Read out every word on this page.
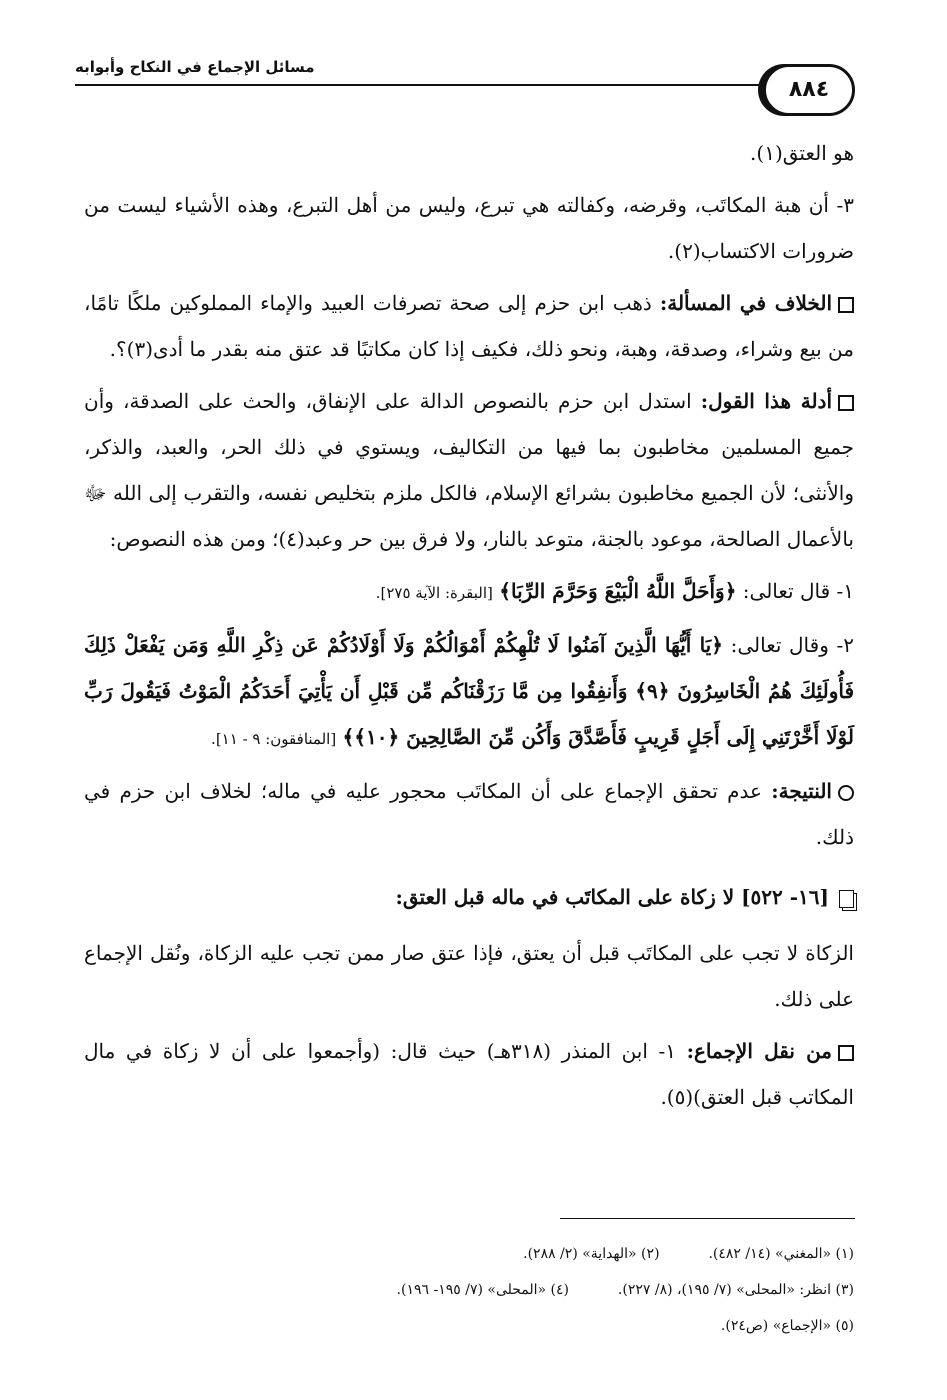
مسائل الإجماع في النكاح وأبوابه
٨٨٤

هو العتق(١).

٣- أن هبة المكاتَب، وقرضه، وكفالته هي تبرع، وليس من أهل التبرع، وهذه الأشياء ليست من ضرورات الاكتساب(٢).

الخلاف في المسألة: ذهب ابن حزم إلى صحة تصرفات العبيد والإماء المملوكين ملكًا تامًا، من بيع وشراء، وصدقة، وهبة، ونحو ذلك، فكيف إذا كان مكاتبًا قد عتق منه بقدر ما أدى(٣)؟.

أدلة هذا القول: استدل ابن حزم بالنصوص الدالة على الإنفاق، والحث على الصدقة، وأن جميع المسلمين مخاطبون بما فيها من التكاليف، ويستوي في ذلك الحر، والعبد، والذكر، والأنثى؛ لأن الجميع مخاطبون بشرائع الإسلام، فالكل ملزم بتخليص نفسه، والتقرب إلى الله ﷻ بالأعمال الصالحة، موعود بالجنة، متوعد بالنار، ولا فرق بين حر وعبد(٤)؛ ومن هذه النصوص:

١- قال تعالى: ﴿وَأَحَلَّ اللَّهُ الْبَيْعَ وَحَرَّمَ الرِّبَا﴾ [البقرة: الآية ٢٧٥].

٢- وقال تعالى: ﴿يَا أَيُّهَا الَّذِينَ آمَنُوا لَا تُلْهِكُمْ أَمْوَالُكُمْ وَلَا أَوْلَادُكُمْ عَن ذِكْرِ اللَّهِ وَمَن يَفْعَلْ ذَلِكَ فَأُولَئِكَ هُمُ الْخَاسِرُونَ ﴿٩﴾ وَأَنفِقُوا مِن مَّا رَزَقْنَاكُم مِّن قَبْلِ أَن يَأْتِيَ أَحَدَكُمُ الْمَوْتُ فَيَقُولَ رَبِّ لَوْلَا أَخَّرْتَنِي إِلَى أَجَلٍ قَرِيبٍ فَأَصَّدَّقَ وَأَكُن مِّنَ الصَّالِحِينَ ﴿١٠﴾﴾ [المنافقون: ٩ - ١١].

النتيجة: عدم تحقق الإجماع على أن المكاتَب محجور عليه في ماله؛ لخلاف ابن حزم في ذلك.

[١٦- ٥٢٢] لا زكاة على المكاتَب في ماله قبل العتق:

الزكاة لا تجب على المكاتَب قبل أن يعتق، فإذا عتق صار ممن تجب عليه الزكاة، ونُقل الإجماع على ذلك.

من نقل الإجماع: ١- ابن المنذر (٣١٨هـ) حيث قال: (وأجمعوا على أن لا زكاة في مال المكاتب قبل العتق)(٥).

(١) «المغني» (١٤/ ٤٨٢).  (٢) «الهداية» (٢/ ٢٨٨).
(٣) انظر: «المحلى» (٧/ ١٩٥)، (٨/ ٢٢٧).  (٤) «المحلى» (٧/ ١٩٥- ١٩٦).
(٥) «الإجماع» (ص٢٤).
